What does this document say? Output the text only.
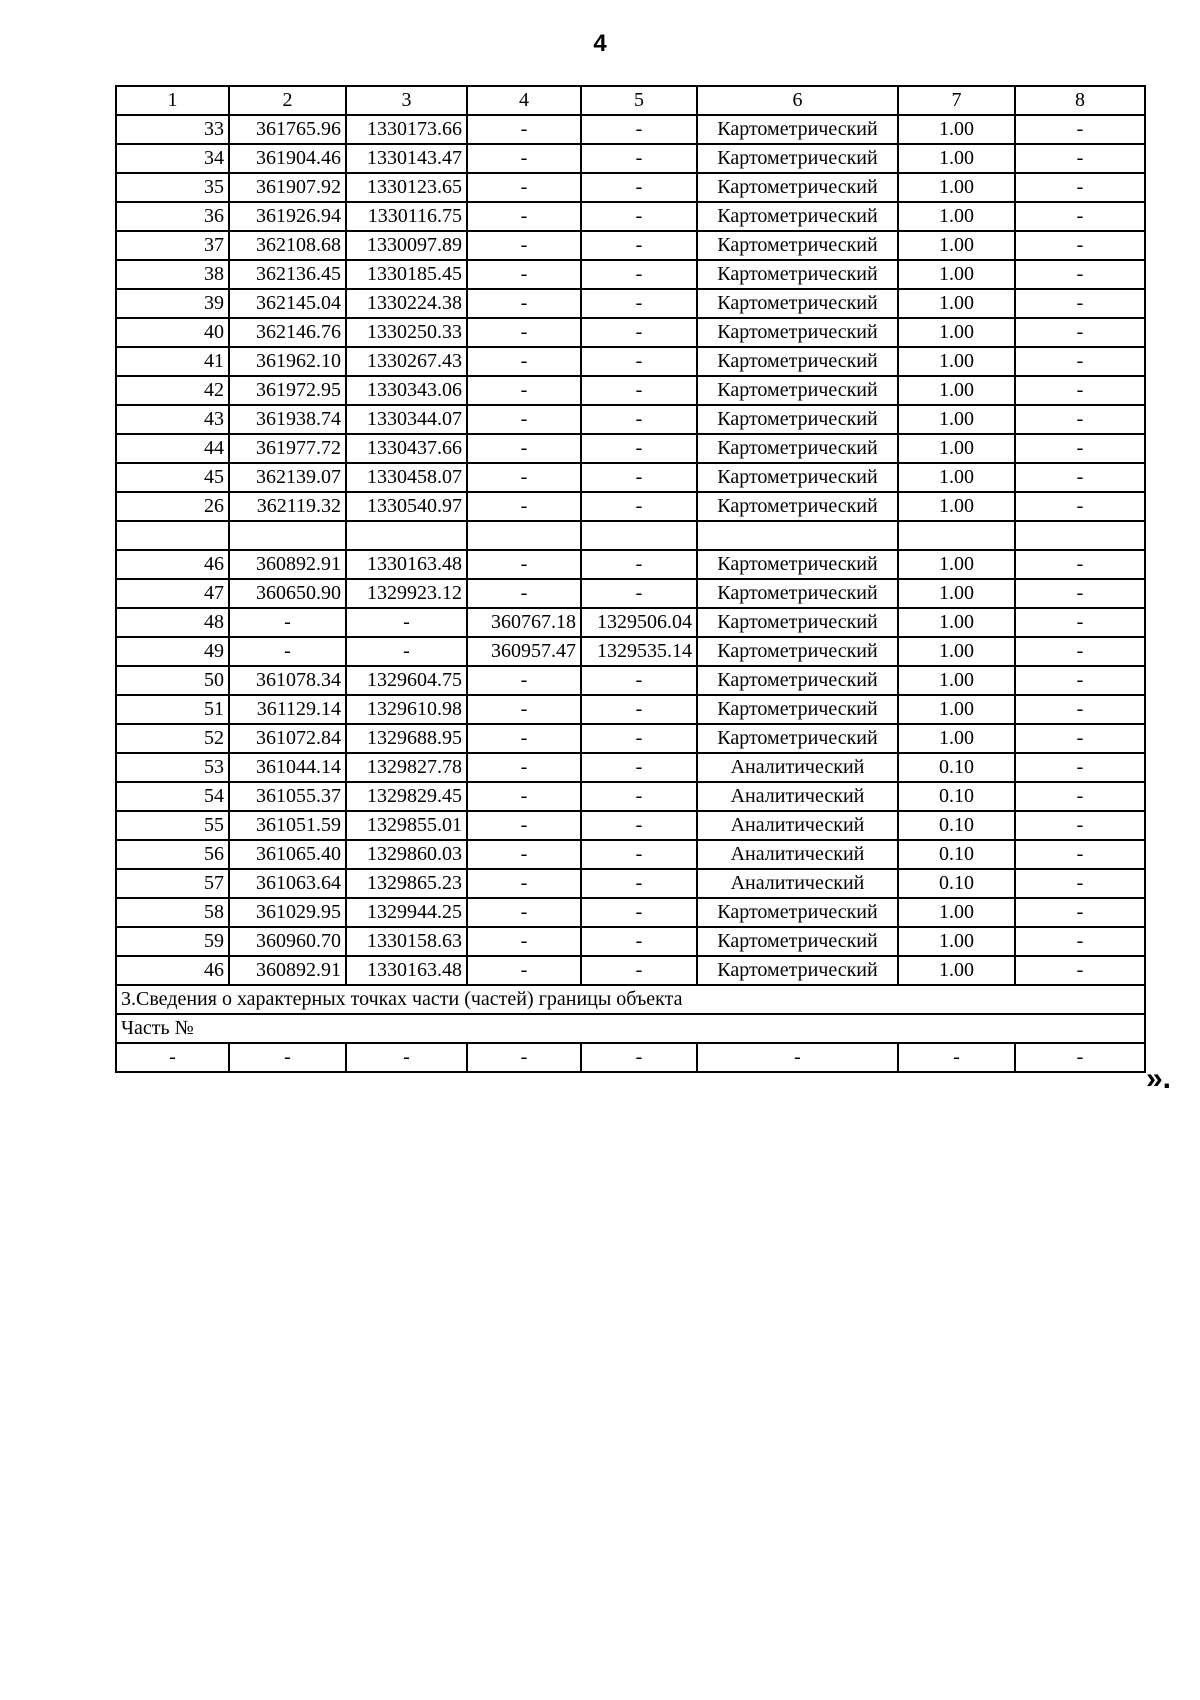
4
1	2	3	4	5	6	7	8
33	361765.96	1330173.66	-	-	Картометрический	1.00	-
34	361904.46	1330143.47	-	-	Картометрический	1.00	-
35	361907.92	1330123.65	-	-	Картометрический	1.00	-
36	361926.94	1330116.75	-	-	Картометрический	1.00	-
37	362108.68	1330097.89	-	-	Картометрический	1.00	-
38	362136.45	1330185.45	-	-	Картометрический	1.00	-
39	362145.04	1330224.38	-	-	Картометрический	1.00	-
40	362146.76	1330250.33	-	-	Картометрический	1.00	-
41	361962.10	1330267.43	-	-	Картометрический	1.00	-
42	361972.95	1330343.06	-	-	Картометрический	1.00	-
43	361938.74	1330344.07	-	-	Картометрический	1.00	-
44	361977.72	1330437.66	-	-	Картометрический	1.00	-
45	362139.07	1330458.07	-	-	Картометрический	1.00	-
26	362119.32	1330540.97	-	-	Картометрический	1.00	-

46	360892.91	1330163.48	-	-	Картометрический	1.00	-
47	360650.90	1329923.12	-	-	Картометрический	1.00	-
48	-	-	360767.18	1329506.04	Картометрический	1.00	-
49	-	-	360957.47	1329535.14	Картометрический	1.00	-
50	361078.34	1329604.75	-	-	Картометрический	1.00	-
51	361129.14	1329610.98	-	-	Картометрический	1.00	-
52	361072.84	1329688.95	-	-	Картометрический	1.00	-
53	361044.14	1329827.78	-	-	Аналитический	0.10	-
54	361055.37	1329829.45	-	-	Аналитический	0.10	-
55	361051.59	1329855.01	-	-	Аналитический	0.10	-
56	361065.40	1329860.03	-	-	Аналитический	0.10	-
57	361063.64	1329865.23	-	-	Аналитический	0.10	-
58	361029.95	1329944.25	-	-	Картометрический	1.00	-
59	360960.70	1330158.63	-	-	Картометрический	1.00	-
46	360892.91	1330163.48	-	-	Картометрический	1.00	-
3.Сведения о характерных точках части (частей) границы объекта							
Часть №							
-	-	-	-	-	-	-	-
».
